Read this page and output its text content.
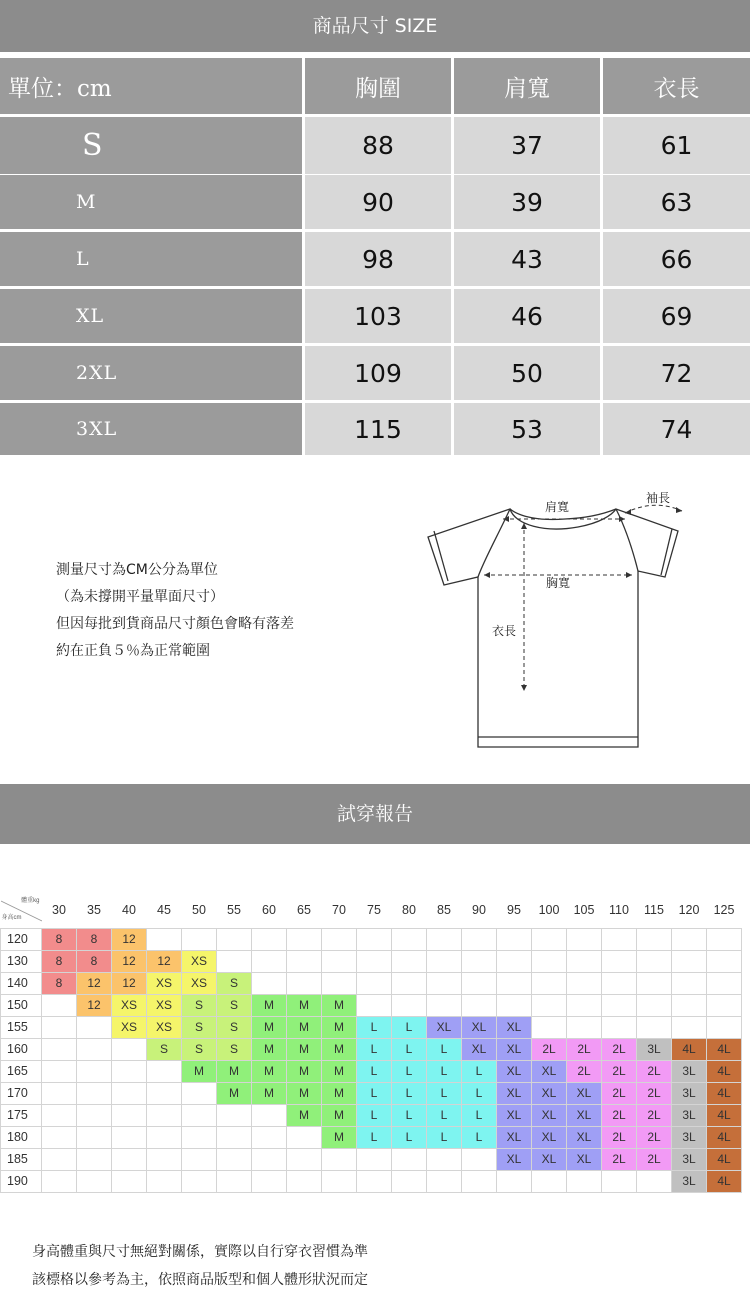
商品尺寸 SIZE
單位：cm	胸圍	肩寬	衣長
S	88	37	61
M	90	39	63
L	98	43	66
XL	103	46	69
2XL	109	50	72
3XL	115	53	74
測量尺寸為CM公分為單位
（為未撐開平量單面尺寸）
但因每批到貨商品尺寸顏色會略有落差
約在正負５％為正常範圍
肩寬
袖長
胸寬
衣長
試穿報告
體重kg
身高cm	30	35	40	45	50	55	60	65	70	75	80	85	90	95	100	105	110	115	120	125
120	8	8	12																	
130	8	8	12	12	XS															
140	8	12	12	XS	XS	S														
150		12	XS	XS	S	S	M	M	M											
155			XS	XS	S	S	M	M	M	L	L	XL	XL	XL						
160				S	S	S	M	M	M	L	L	L	XL	XL	2L	2L	2L	3L	4L	4L
165					M	M	M	M	M	L	L	L	L	XL	XL	2L	2L	2L	3L	4L
170						M	M	M	M	L	L	L	L	XL	XL	XL	2L	2L	3L	4L
175								M	M	L	L	L	L	XL	XL	XL	2L	2L	3L	4L
180									M	L	L	L	L	XL	XL	XL	2L	2L	3L	4L
185														XL	XL	XL	2L	2L	3L	4L
190																			3L	4L
身高體重與尺寸無絕對關係，實際以自行穿衣習慣為準
該標格以參考為主，依照商品版型和個人體形狀況而定
